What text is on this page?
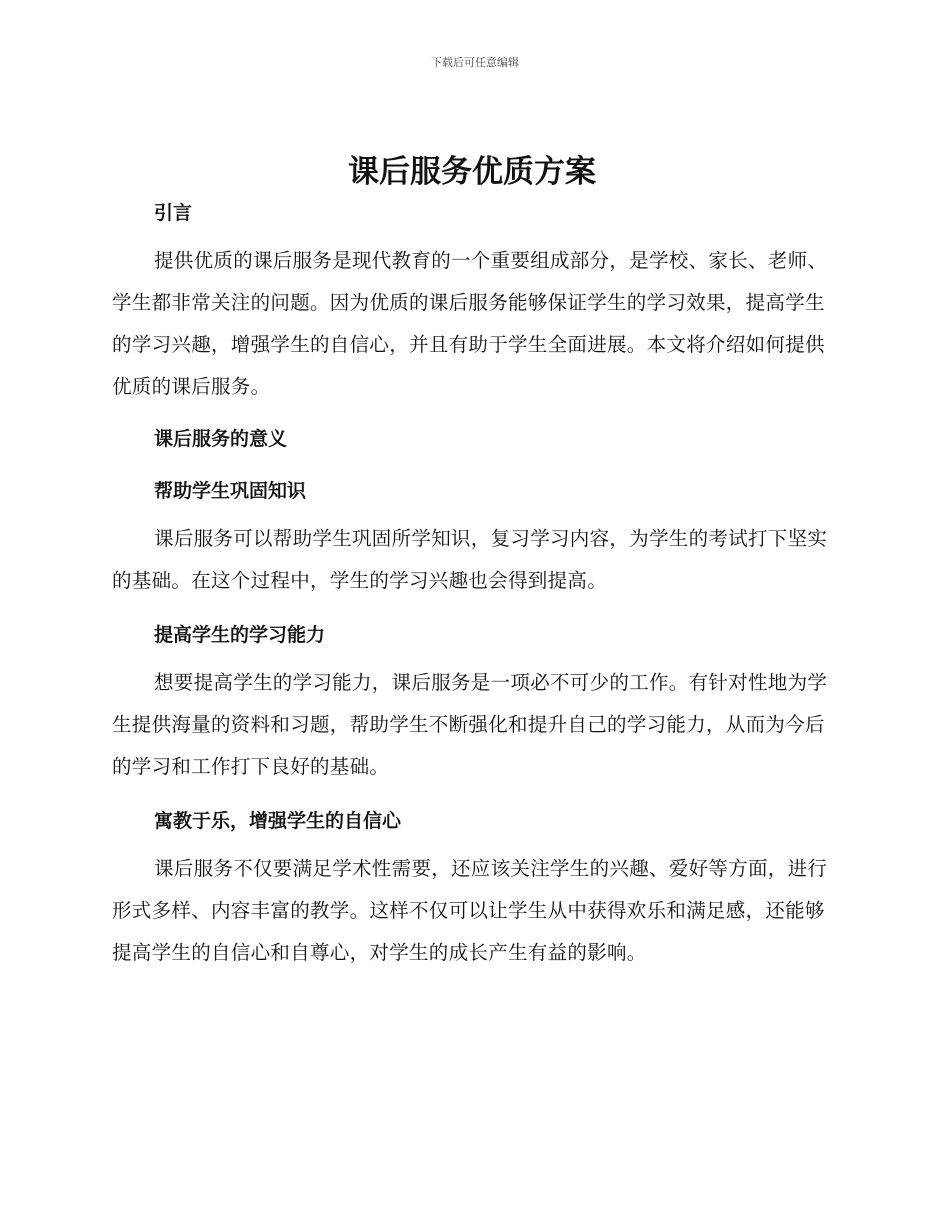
下载后可任意编辑
课后服务优质方案
引言

提供优质的课后服务是现代教育的一个重要组成部分，是学校、家长、老师、学生都非常关注的问题。因为优质的课后服务能够保证学生的学习效果，提高学生的学习兴趣，增强学生的自信心，并且有助于学生全面进展。本文将介绍如何提供优质的课后服务。

课后服务的意义
帮助学生巩固知识

课后服务可以帮助学生巩固所学知识，复习学习内容，为学生的考试打下坚实的基础。在这个过程中，学生的学习兴趣也会得到提高。

提高学生的学习能力

想要提高学生的学习能力，课后服务是一项必不可少的工作。有针对性地为学生提供海量的资料和习题，帮助学生不断强化和提升自己的学习能力，从而为今后的学习和工作打下良好的基础。

寓教于乐，增强学生的自信心

课后服务不仅要满足学术性需要，还应该关注学生的兴趣、爱好等方面，进行形式多样、内容丰富的教学。这样不仅可以让学生从中获得欢乐和满足感，还能够提高学生的自信心和自尊心，对学生的成长产生有益的影响。
